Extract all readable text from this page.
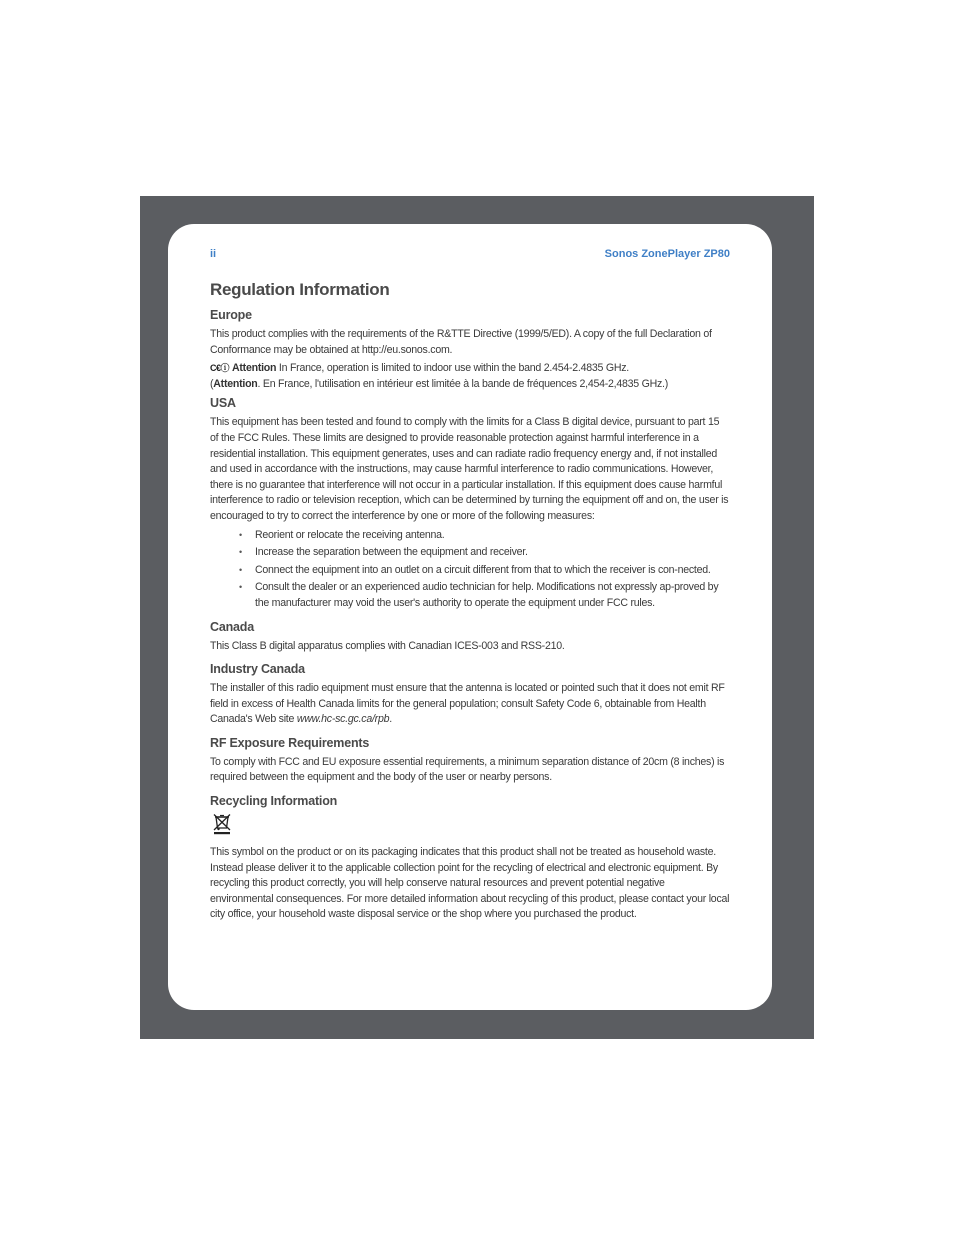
ii	Sonos ZonePlayer ZP80
Regulation Information
Europe

This product complies with the requirements of the R&TTE Directive (1999/5/ED). A copy of the full Declaration of Conformance may be obtained at http://eu.sonos.com.

C€ⓘ Attention In France, operation is limited to indoor use within the band 2.454-2.4835 GHz.
(Attention. En France, l'utilisation en intérieur est limitée à la bande de fréquences 2,454-2,4835 GHz.)
USA

This equipment has been tested and found to comply with the limits for a Class B digital device, pursuant to part 15 of the FCC Rules. These limits are designed to provide reasonable protection against harmful interference in a residential installation. This equipment generates, uses and can radiate radio frequency energy and, if not installed and used in accordance with the instructions, may cause harmful interference to radio communications. However, there is no guarantee that interference will not occur in a particular installation. If this equipment does cause harmful interference to radio or television reception, which can be determined by turning the equipment off and on, the user is encouraged to try to correct the interference by one or more of the following measures:

• Reorient or relocate the receiving antenna.
• Increase the separation between the equipment and receiver.
• Connect the equipment into an outlet on a circuit different from that to which the receiver is con-nected.
• Consult the dealer or an experienced audio technician for help. Modifications not expressly ap-proved by the manufacturer may void the user's authority to operate the equipment under FCC rules.
Canada

This Class B digital apparatus complies with Canadian ICES-003 and RSS-210.

Industry Canada

The installer of this radio equipment must ensure that the antenna is located or pointed such that it does not emit RF field in excess of Health Canada limits for the general population; consult Safety Code 6, obtainable from Health Canada's Web site www.hc-sc.gc.ca/rpb.

RF Exposure Requirements

To comply with FCC and EU exposure essential requirements, a minimum separation distance of 20cm (8 inches) is required between the equipment and the body of the user or nearby persons.

Recycling Information

This symbol on the product or on its packaging indicates that this product shall not be treated as household waste. Instead please deliver it to the applicable collection point for the recycling of electrical and electronic equipment. By recycling this product correctly, you will help conserve natural resources and prevent potential negative environmental consequences. For more detailed information about recycling of this product, please contact your local city office, your household waste disposal service or the shop where you purchased the product.
